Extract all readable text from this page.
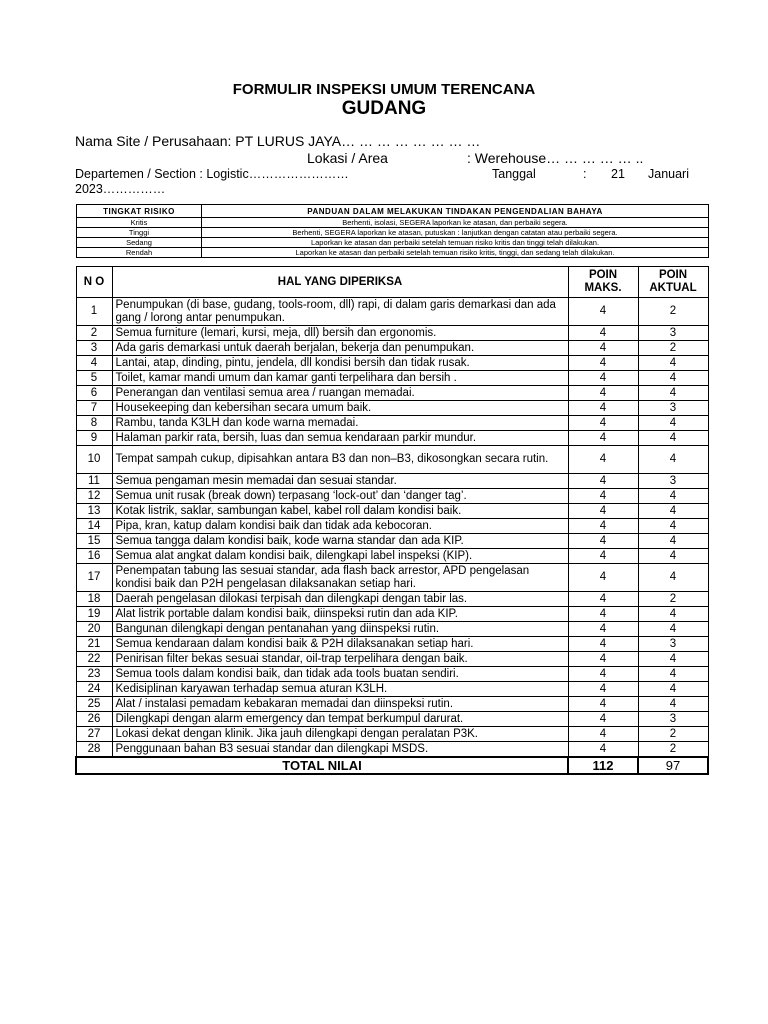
FORMULIR INSPEKSI UMUM TERENCANA
GUDANG
Nama Site / Perusahaan: PT LURUS JAYA… … … … … … … …
Lokasi / Area	: Werehouse… … … … … ..
Departemen / Section : Logistic……………………	Tanggal	: 21 Januari
2023……………
TINGKAT RISIKO	PANDUAN DALAM MELAKUKAN TINDAKAN PENGENDALIAN BAHAYA
Kritis	Berhenti, isolasi, SEGERA laporkan ke atasan, dan perbaiki segera.
Tinggi	Berhenti, SEGERA laporkan ke atasan, putuskan : lanjutkan dengan catatan atau perbaiki segera.
Sedang	Laporkan ke atasan dan perbaiki setelah temuan risiko kritis dan tinggi telah dilakukan.
Rendah	Laporkan ke atasan dan perbaiki setelah temuan risiko kritis, tinggi, dan sedang telah dilakukan.
N O	HAL YANG DIPERIKSA	POIN MAKS.	POIN AKTUAL
1	Penumpukan (di base, gudang, tools-room, dll) rapi, di dalam garis demarkasi dan ada gang / lorong antar penumpukan.	4	2
2	Semua furniture (lemari, kursi, meja, dll) bersih dan ergonomis.	4	3
3	Ada garis demarkasi untuk daerah berjalan, bekerja dan penumpukan.	4	2
4	Lantai, atap, dinding, pintu, jendela, dll kondisi bersih dan tidak rusak.	4	4
5	Toilet, kamar mandi umum dan kamar ganti terpelihara dan bersih .	4	4
6	Penerangan dan ventilasi semua area / ruangan memadai.	4	4
7	Housekeeping dan kebersihan secara umum baik.	4	3
8	Rambu, tanda K3LH dan kode warna memadai.	4	4
9	Halaman parkir rata, bersih, luas dan semua kendaraan parkir mundur.	4	4
10	Tempat sampah cukup, dipisahkan antara B3 dan non–B3, dikosongkan secara rutin.	4	4
11	Semua pengaman mesin memadai dan sesuai standar.	4	3
12	Semua unit rusak (break down) terpasang ‘lock-out’ dan ‘danger tag’.	4	4
13	Kotak listrik, saklar, sambungan kabel, kabel roll dalam kondisi baik.	4	4
14	Pipa, kran, katup dalam kondisi baik dan tidak ada kebocoran.	4	4
15	Semua tangga dalam kondisi baik, kode warna standar dan ada KIP.	4	4
16	Semua alat angkat dalam kondisi baik, dilengkapi label inspeksi (KIP).	4	4
17	Penempatan tabung las sesuai standar, ada flash back arrestor, APD pengelasan kondisi baik dan P2H pengelasan dilaksanakan setiap hari.	4	4
18	Daerah pengelasan dilokasi terpisah dan dilengkapi dengan tabir las.	4	2
19	Alat listrik portable dalam kondisi baik, diinspeksi rutin dan ada KIP.	4	4
20	Bangunan dilengkapi dengan pentanahan yang diinspeksi rutin.	4	4
21	Semua kendaraan dalam kondisi baik & P2H dilaksanakan setiap hari.	4	3
22	Penirisan filter bekas sesuai standar, oil-trap terpelihara dengan baik.	4	4
23	Semua tools dalam kondisi baik, dan tidak ada tools buatan sendiri.	4	4
24	Kedisiplinan karyawan terhadap semua aturan K3LH.	4	4
25	Alat / instalasi pemadam kebakaran memadai dan diinspeksi rutin.	4	4
26	Dilengkapi dengan alarm emergency dan tempat berkumpul darurat.	4	3
27	Lokasi dekat dengan klinik. Jika jauh dilengkapi dengan peralatan P3K.	4	2
28	Penggunaan bahan B3 sesuai standar dan dilengkapi MSDS.	4	2
TOTAL NILAI		112	97
